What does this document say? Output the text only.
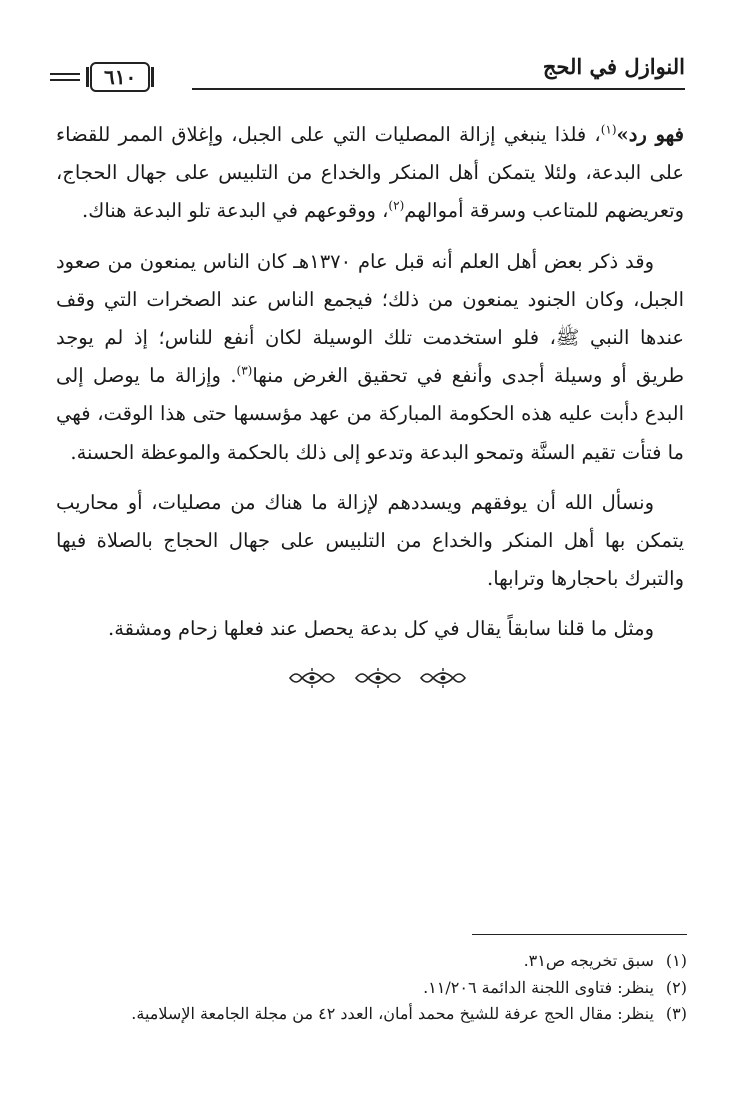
النوازل في الحج
٦١٠

فهو رد»$^{(١)}$، فلذا ينبغي إزالة المصليات التي على الجبل، وإغلاق الممر للقضاء على البدعة، ولئلا يتمكن أهل المنكر والخداع من التلبيس على جهال الحجاج، وتعريضهم للمتاعب وسرقة أموالهم$^{(٢)}$، ووقوعهم في البدعة تلو البدعة هناك.

وقد ذكر بعض أهل العلم أنه قبل عام ١٣٧٠هـ كان الناس يمنعون من صعود الجبل، وكان الجنود يمنعون من ذلك؛ فيجمع الناس عند الصخرات التي وقف عندها النبي ﷺ، فلو استخدمت تلك الوسيلة لكان أنفع للناس؛ إذ لم يوجد طريق أو وسيلة أجدى وأنفع في تحقيق الغرض منها$^{(٣)}$. وإزالة ما يوصل إلى البدع دأبت عليه هذه الحكومة المباركة من عهد مؤسسها حتى هذا الوقت، فهي ما فتأت تقيم السنَّة وتمحو البدعة وتدعو إلى ذلك بالحكمة والموعظة الحسنة.

ونسأل الله أن يوفقهم ويسددهم لإزالة ما هناك من مصليات، أو محاريب يتمكن بها أهل المنكر والخداع من التلبيس على جهال الحجاج بالصلاة فيها والتبرك باحجارها وترابها.

ومثل ما قلنا سابقاً يقال في كل بدعة يحصل عند فعلها زحام ومشقة.

(١) سبق تخريجه ص٣١.
(٢) ينظر: فتاوى اللجنة الدائمة ١١/٢٠٦.
(٣) ينظر: مقال الحج عرفة للشيخ محمد أمان، العدد ٤٢ من مجلة الجامعة الإسلامية.
